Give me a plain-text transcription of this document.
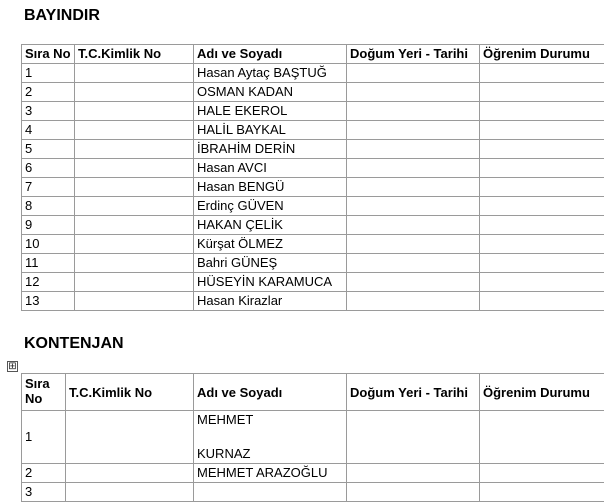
BAYINDIR
Sıra No	T.C.Kimlik No	Adı ve Soyadı	Doğum Yeri - Tarihi	Öğrenim Durumu
1		Hasan Aytaç BAŞTUĞ		
2		OSMAN KADAN		
3		HALE EKEROL		
4		HALİL BAYKAL		
5		İBRAHİM DERİN		
6		Hasan AVCI		
7		Hasan BENGÜ		
8		Erdinç GÜVEN		
9		HAKAN ÇELİK		
10		Kürşat ÖLMEZ		
11		Bahri GÜNEŞ		
12		HÜSEYİN KARAMUCA		
13		Hasan Kirazlar		
KONTENJAN
⊞
Sıra No	T.C.Kimlik No	Adı ve Soyadı	Doğum Yeri - Tarihi	Öğrenim Durumu
1		MEHMET
KURNAZ		

2		MEHMET ARAZOĞLU		
3				
